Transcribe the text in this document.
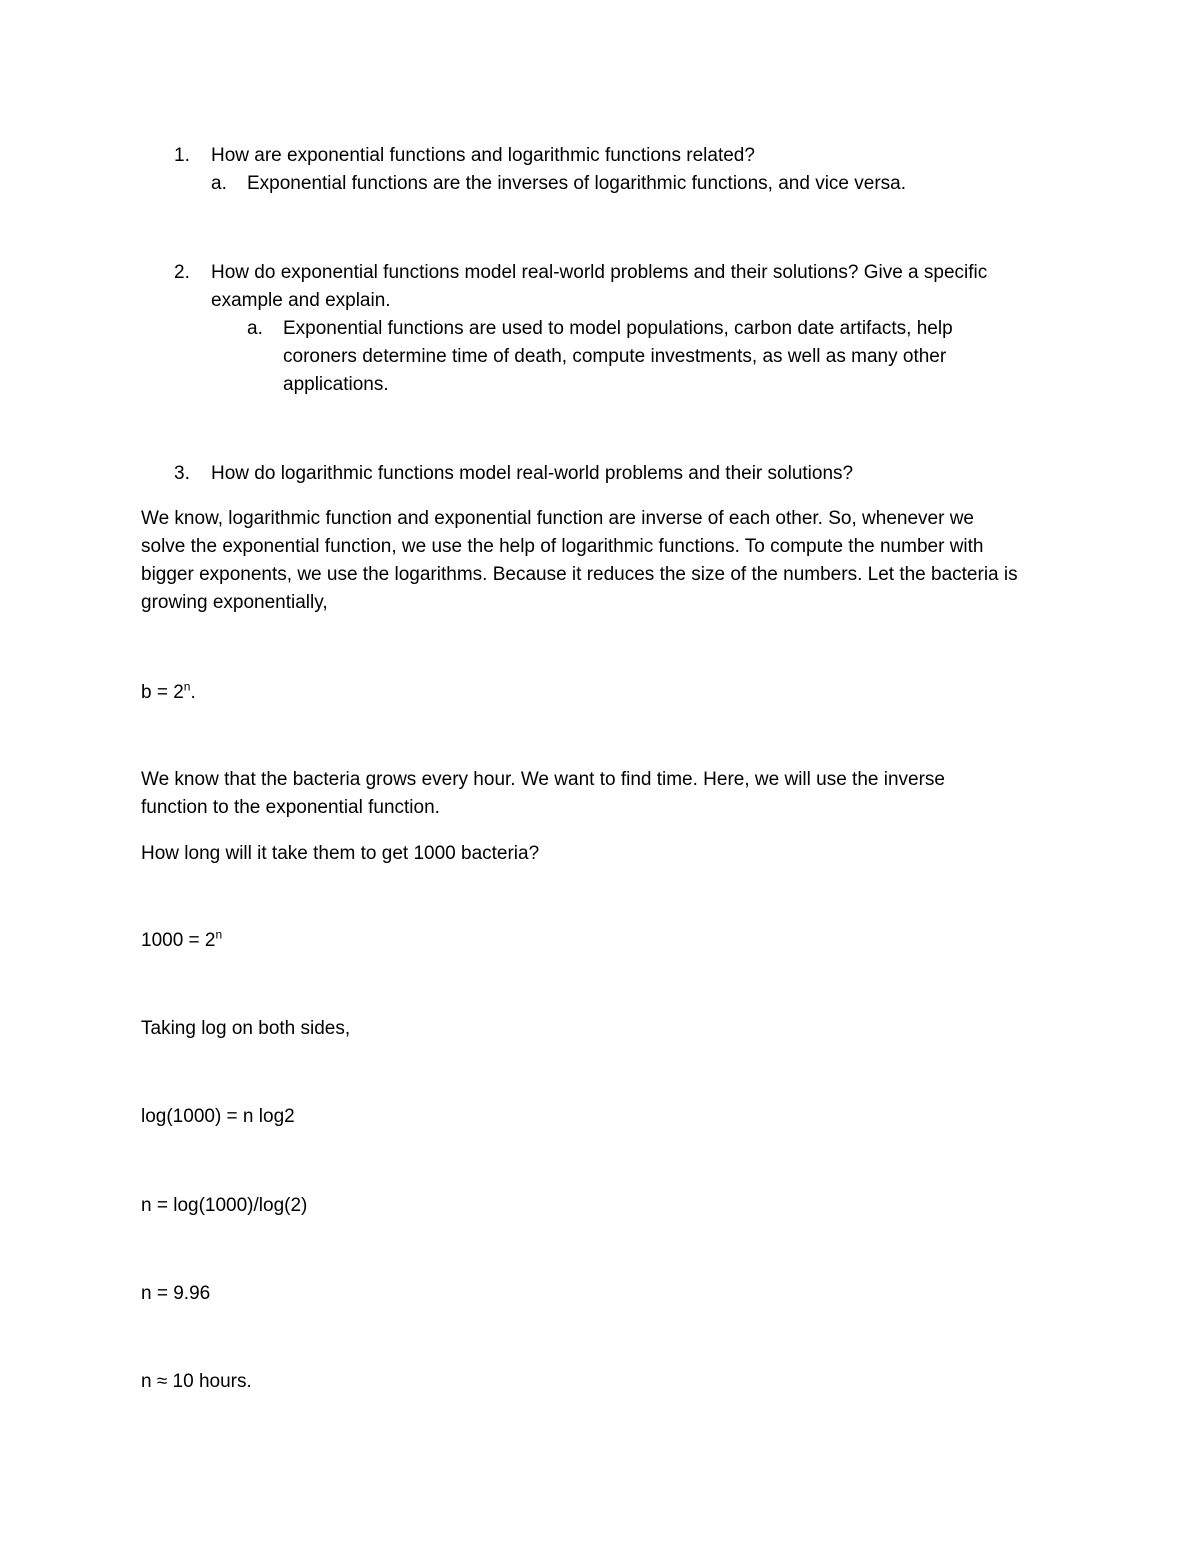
1. How are exponential functions and logarithmic functions related?
a. Exponential functions are the inverses of logarithmic functions, and vice versa.
2. How do exponential functions model real-world problems and their solutions? Give a specific
example and explain.
a. Exponential functions are used to model populations, carbon date artifacts, help
coroners determine time of death, compute investments, as well as many other
applications.
3. How do logarithmic functions model real-world problems and their solutions?
We know, logarithmic function and exponential function are inverse of each other. So, whenever we
solve the exponential function, we use the help of logarithmic functions. To compute the number with
bigger exponents, we use the logarithms. Because it reduces the size of the numbers. Let the bacteria is
growing exponentially,
$b = 2^n$.
We know that the bacteria grows every hour. We want to find time. Here, we will use the inverse
function to the exponential function.
How long will it take them to get 1000 bacteria?
$1000 = 2^n$
Taking log on both sides,
log(1000) = n log2
n = log(1000)/log(2)
n = 9.96
n ≈ 10 hours.
